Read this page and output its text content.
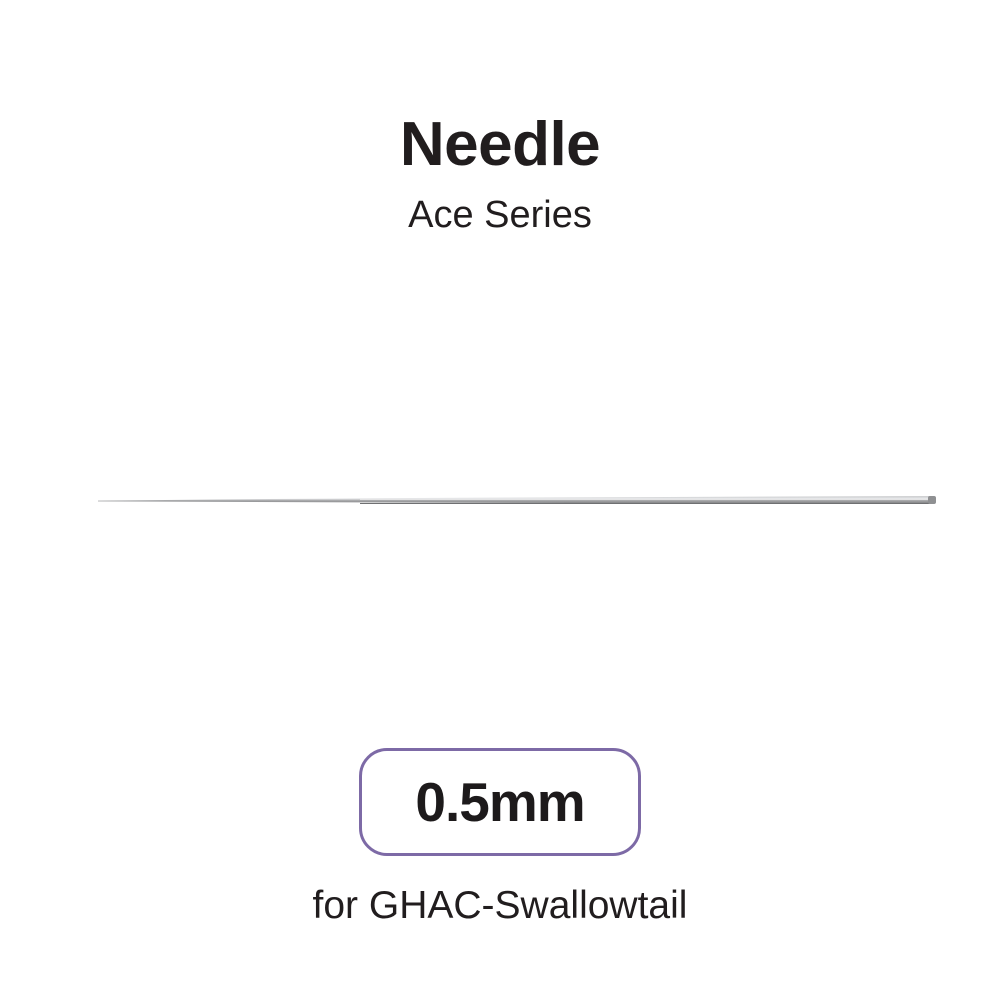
Needle
Ace Series
0.5mm
for GHAC-Swallowtail
